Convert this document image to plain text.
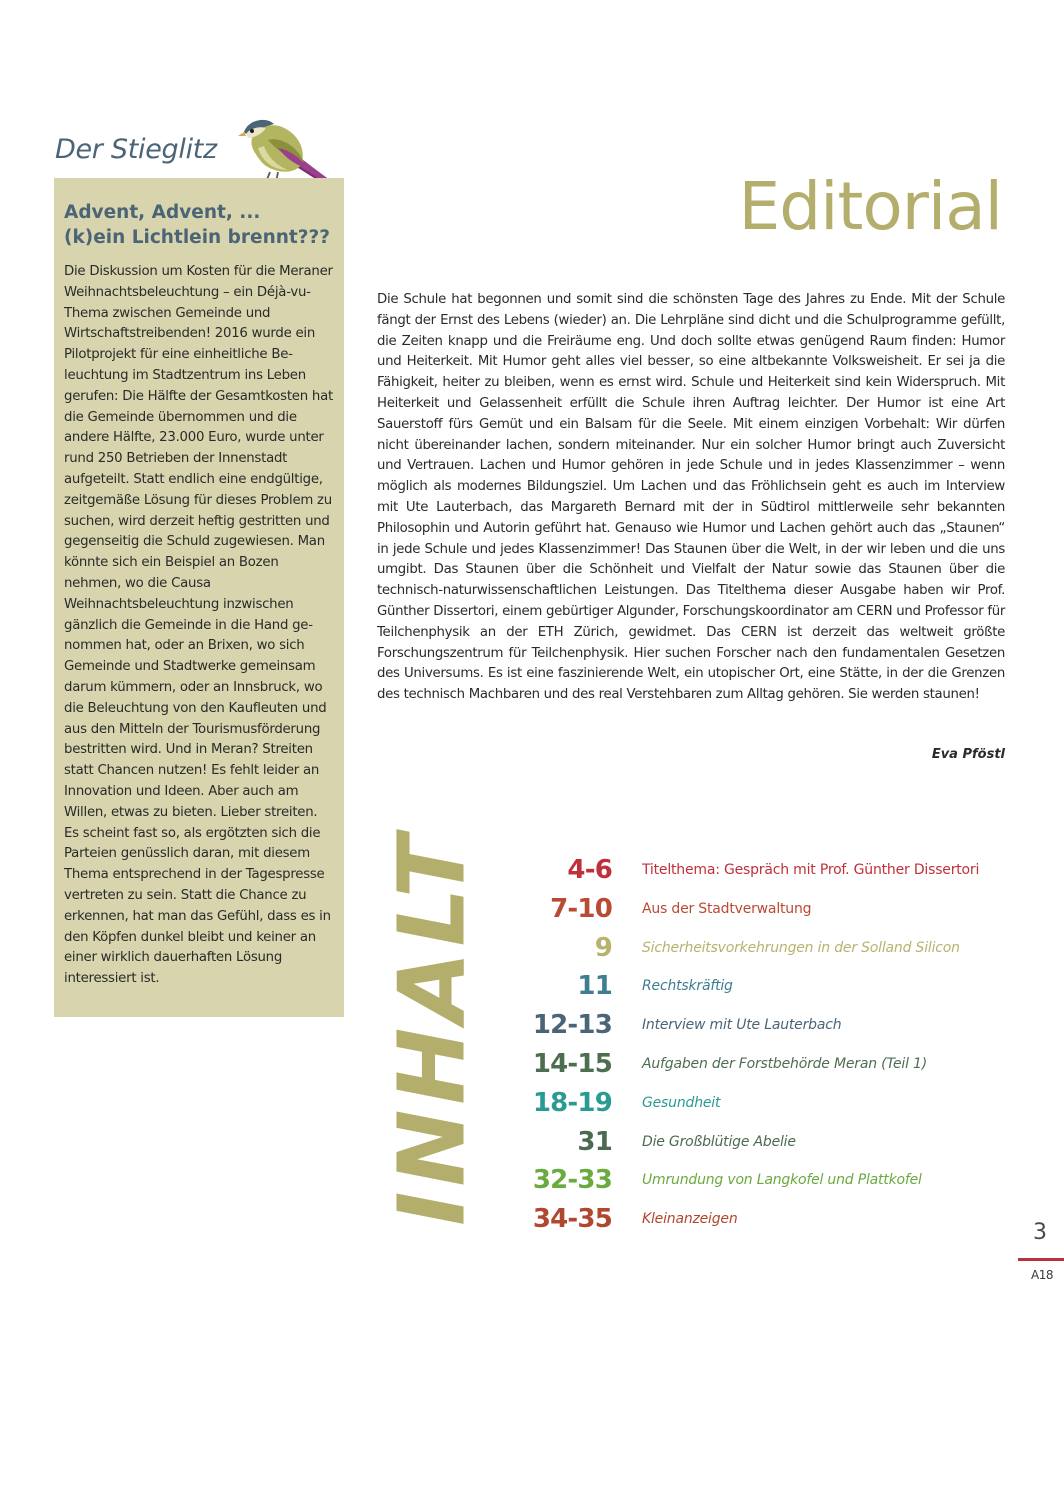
Der Stieglitz
Advent, Advent, ...
(k)ein Lichtlein brennt???

Die Diskussion um Kosten für die Meraner Weihnachtsbeleuchtung – ein Déjà-vu-Thema zwischen Gemeinde und Wirtschaftstreibenden! 2016 wurde ein Pilotprojekt für eine einheitliche Beleuchtung im Stadtzentrum ins Leben gerufen: Die Hälfte der Gesamtkosten hat die Gemeinde übernommen und die andere Hälfte, 23.000 Euro, wurde unter rund 250 Betrieben der Innenstadt aufgeteilt. Statt endlich eine endgültige, zeitgemäße Lösung für dieses Problem zu suchen, wird derzeit heftig gestritten und gegenseitig die Schuld zugewiesen. Man könnte sich ein Beispiel an Bozen nehmen, wo die Causa Weihnachtsbeleuchtung inzwischen gänzlich die Gemeinde in die Hand genommen hat, oder an Brixen, wo sich Gemeinde und Stadtwerke gemeinsam darum kümmern, oder an Innsbruck, wo die Beleuchtung von den Kaufleuten und aus den Mitteln der Tourismusförderung bestritten wird. Und in Meran? Streiten statt Chancen nutzen! Es fehlt leider an Innovation und Ideen. Aber auch am Willen, etwas zu bieten. Lieber streiten. Es scheint fast so, als ergötzten sich die Parteien genüsslich daran, mit diesem Thema entsprechend in der Tagespresse vertreten zu sein. Statt die Chance zu erkennen, hat man das Gefühl, dass es in den Köpfen dunkel bleibt und keiner an einer wirklich dauerhaften Lösung interessiert ist.

Editorial

Die Schule hat begonnen und somit sind die schönsten Tage des Jahres zu Ende. Mit der Schule fängt der Ernst des Lebens (wieder) an. Die Lehrpläne sind dicht und die Schulprogramme gefüllt, die Zeiten knapp und die Freiräume eng. Und doch sollte etwas genügend Raum finden: Humor und Heiterkeit. Mit Humor geht alles viel besser, so eine altbekannte Volksweisheit. Er sei ja die Fähigkeit, heiter zu bleiben, wenn es ernst wird. Schule und Heiterkeit sind kein Widerspruch. Mit Heiterkeit und Gelassenheit erfüllt die Schule ihren Auftrag leichter. Der Humor ist eine Art Sauerstoff fürs Gemüt und ein Balsam für die Seele. Mit einem einzigen Vorbehalt: Wir dürfen nicht übereinander lachen, sondern miteinander. Nur ein solcher Humor bringt auch Zuversicht und Vertrauen. Lachen und Humor gehören in jede Schule und in jedes Klassenzimmer – wenn möglich als modernes Bildungsziel. Um Lachen und das Fröhlichsein geht es auch im Interview mit Ute Lauterbach, das Margareth Bernard mit der in Südtirol mittlerweile sehr bekannten Philosophin und Autorin geführt hat. Genauso wie Humor und Lachen gehört auch das „Staunen“ in jede Schule und jedes Klassenzimmer! Das Staunen über die Welt, in der wir leben und die uns umgibt. Das Staunen über die Schönheit und Vielfalt der Natur sowie das Staunen über die technisch-naturwissenschaftlichen Leistungen. Das Titelthema dieser Ausgabe haben wir Prof. Günther Dissertori, einem gebürtiger Algunder, Forschungskoordinator am CERN und Professor für Teilchenphysik an der ETH Zürich, gewidmet. Das CERN ist derzeit das weltweit größte Forschungszentrum für Teilchenphysik. Hier suchen Forscher nach den fundamentalen Gesetzen des Universums. Es ist eine faszinierende Welt, ein utopischer Ort, eine Stätte, in der die Grenzen des technisch Machbaren und des real Verstehbaren zum Alltag gehören. Sie werden staunen!

Eva Pföstl

INHALT	4-6 Titelthema: Gespräch mit Prof. Günther Dissertori
7-10 Aus der Stadtverwaltung
9 Sicherheitsvorkehrungen in der Solland Silicon
11 Rechtskräftig
12-13 Interview mit Ute Lauterbach
14-15 Aufgaben der Forstbehörde Meran (Teil 1)
18-19 Gesundheit
31 Die Großblütige Abelie
32-33 Umrundung von Langkofel und Plattkofel
34-35 Kleinanzeigen

3

A18
